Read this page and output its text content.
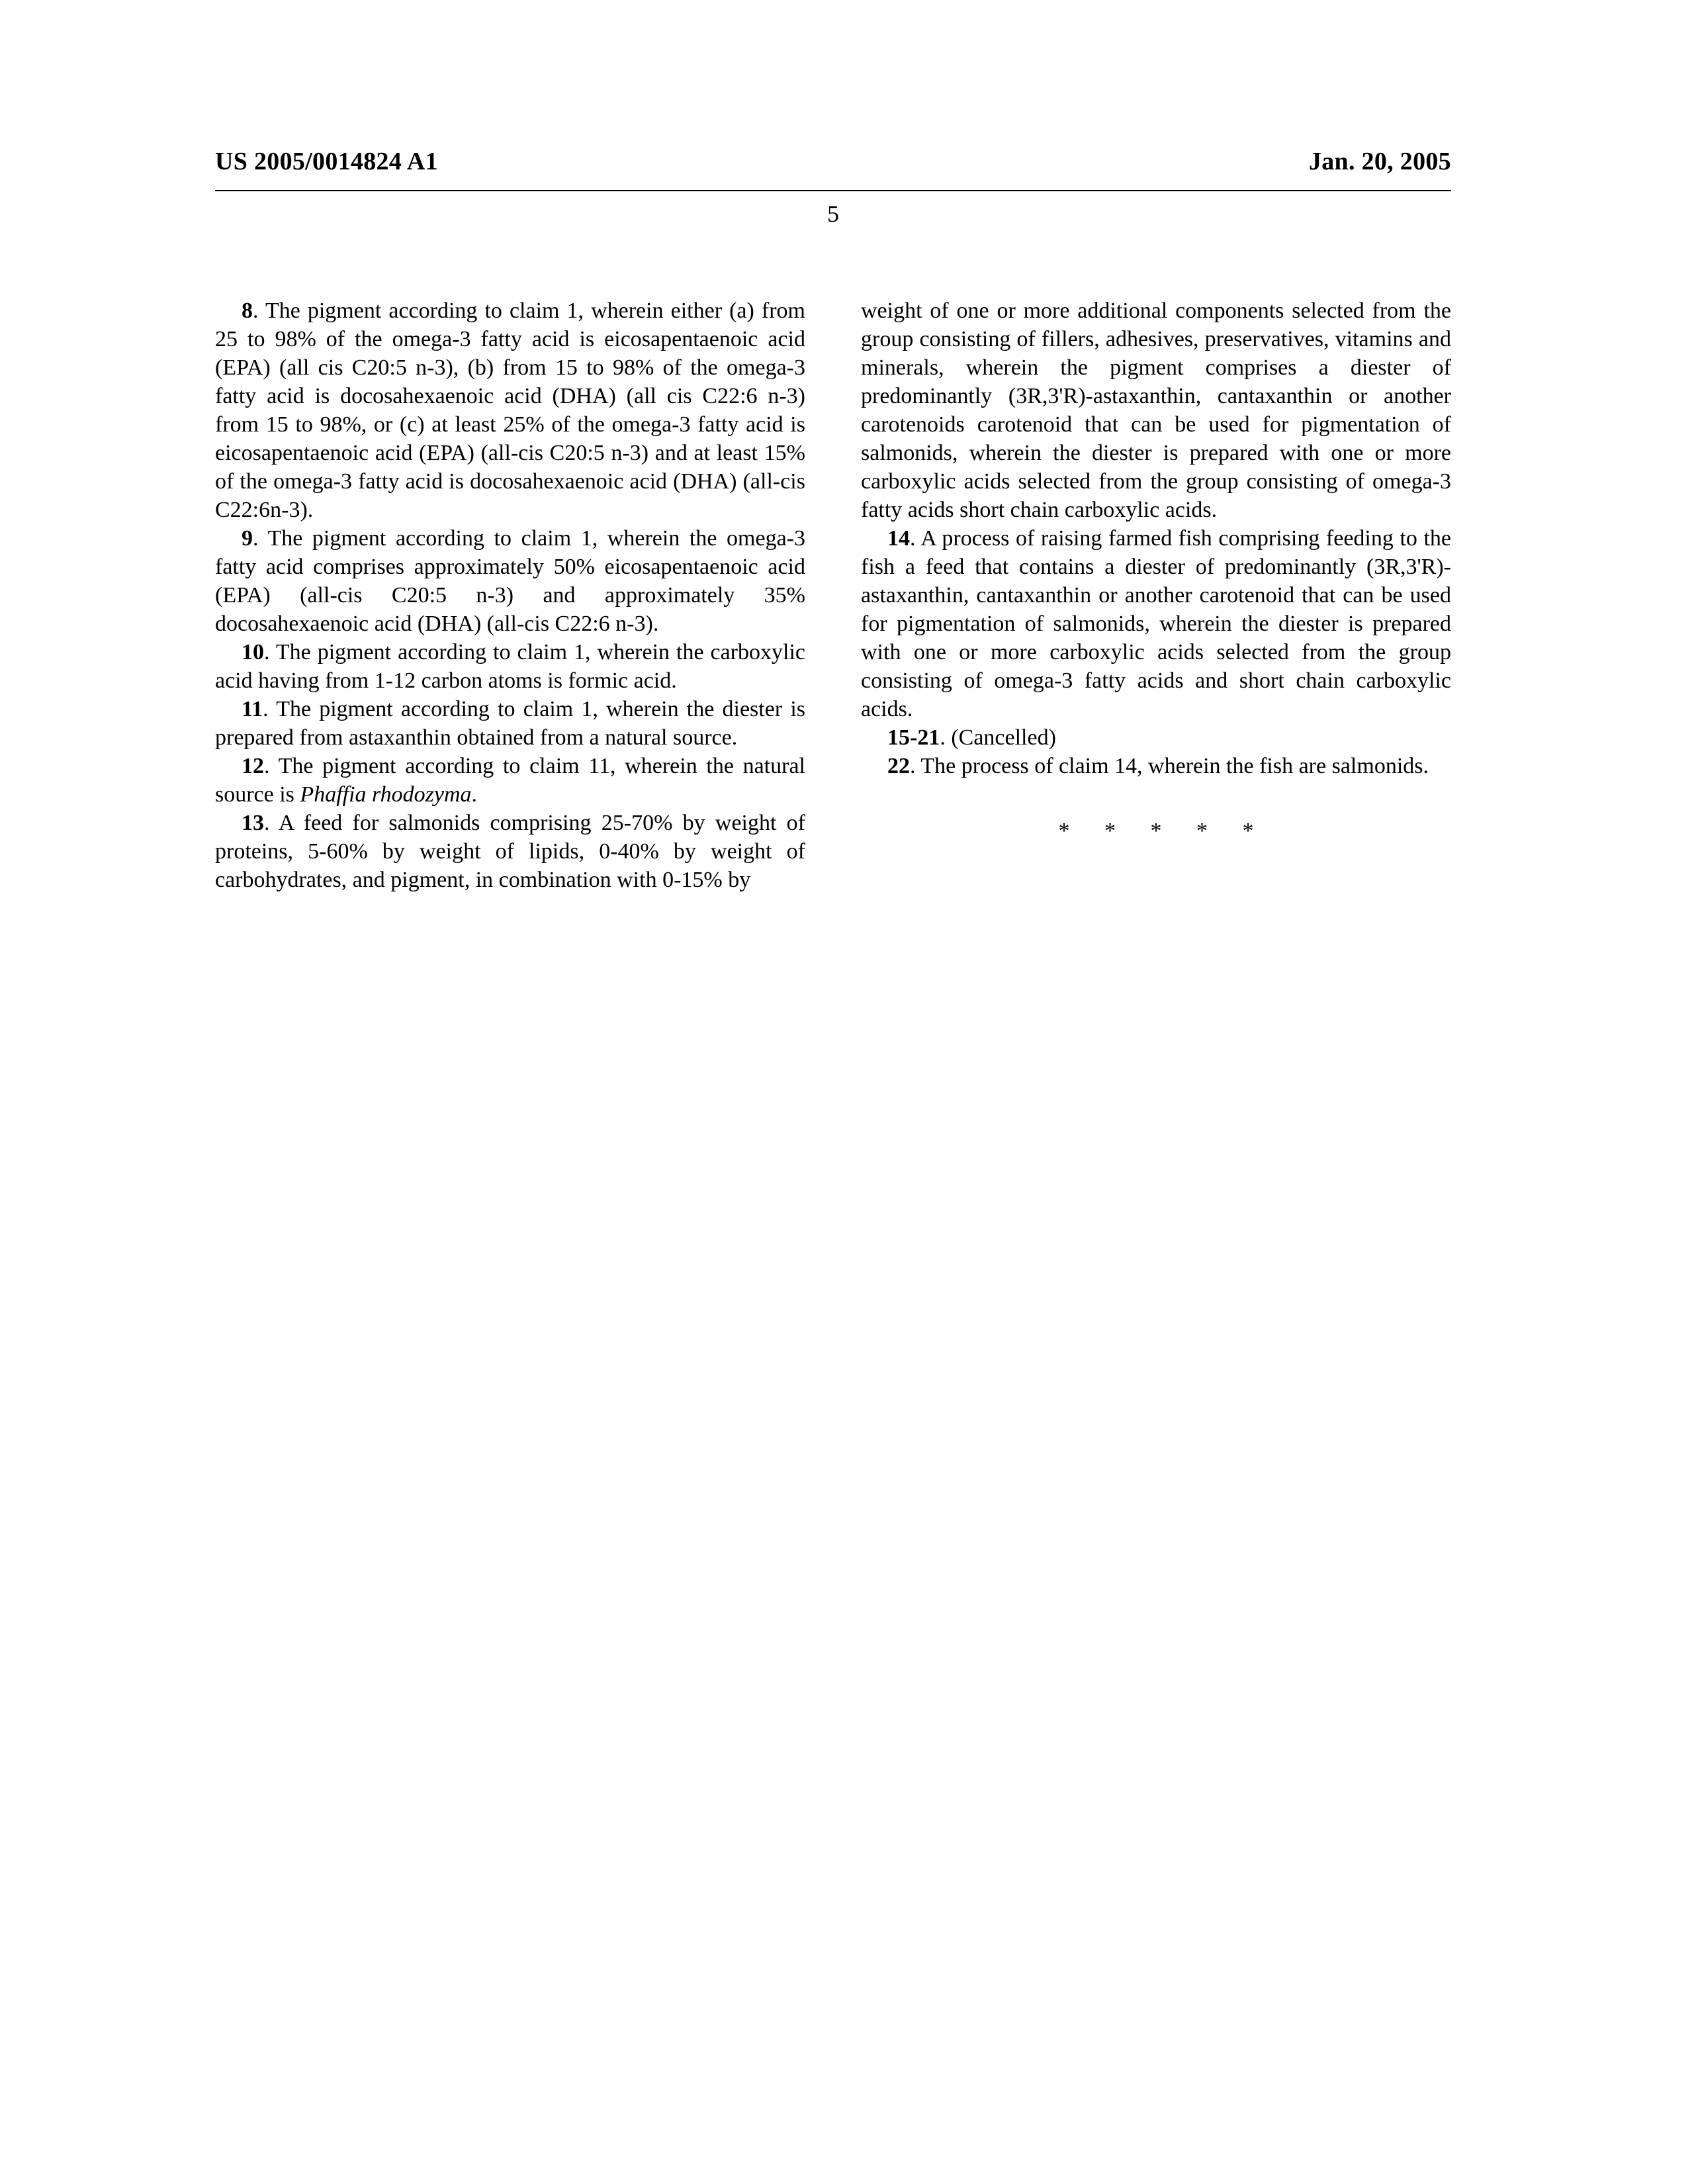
US 2005/0014824 A1	Jan. 20, 2005
5

8. The pigment according to claim 1, wherein either (a) from 25 to 98% of the omega-3 fatty acid is eicosapentaenoic acid (EPA) (all cis C20:5 n-3), (b) from 15 to 98% of the omega-3 fatty acid is docosahexaenoic acid (DHA) (all cis C22:6 n-3) from 15 to 98%, or (c) at least 25% of the omega-3 fatty acid is eicosapentaenoic acid (EPA) (all-cis C20:5 n-3) and at least 15% of the omega-3 fatty acid is docosahexaenoic acid (DHA) (all-cis C22:6n-3).

9. The pigment according to claim 1, wherein the omega-3 fatty acid comprises approximately 50% eicosapentaenoic acid (EPA) (all-cis C20:5 n-3) and approximately 35% docosahexaenoic acid (DHA) (all-cis C22:6 n-3).

10. The pigment according to claim 1, wherein the carboxylic acid having from 1-12 carbon atoms is formic acid.

11. The pigment according to claim 1, wherein the diester is prepared from astaxanthin obtained from a natural source.

12. The pigment according to claim 11, wherein the natural source is Phaffia rhodozyma.

13. A feed for salmonids comprising 25-70% by weight of proteins, 5-60% by weight of lipids, 0-40% by weight of carbohydrates, and pigment, in combination with 0-15% by

weight of one or more additional components selected from the group consisting of fillers, adhesives, preservatives, vitamins and minerals, wherein the pigment comprises a diester of predominantly (3R,3'R)-astaxanthin, cantaxanthin or another carotenoids carotenoid that can be used for pigmentation of salmonids, wherein the diester is prepared with one or more carboxylic acids selected from the group consisting of omega-3 fatty acids short chain carboxylic acids.

14. A process of raising farmed fish comprising feeding to the fish a feed that contains a diester of predominantly (3R,3'R)-astaxanthin, cantaxanthin or another carotenoid that can be used for pigmentation of salmonids, wherein the diester is prepared with one or more carboxylic acids selected from the group consisting of omega-3 fatty acids and short chain carboxylic acids.

15-21. (Cancelled)

22. The process of claim 14, wherein the fish are salmonids.

* * * * *
